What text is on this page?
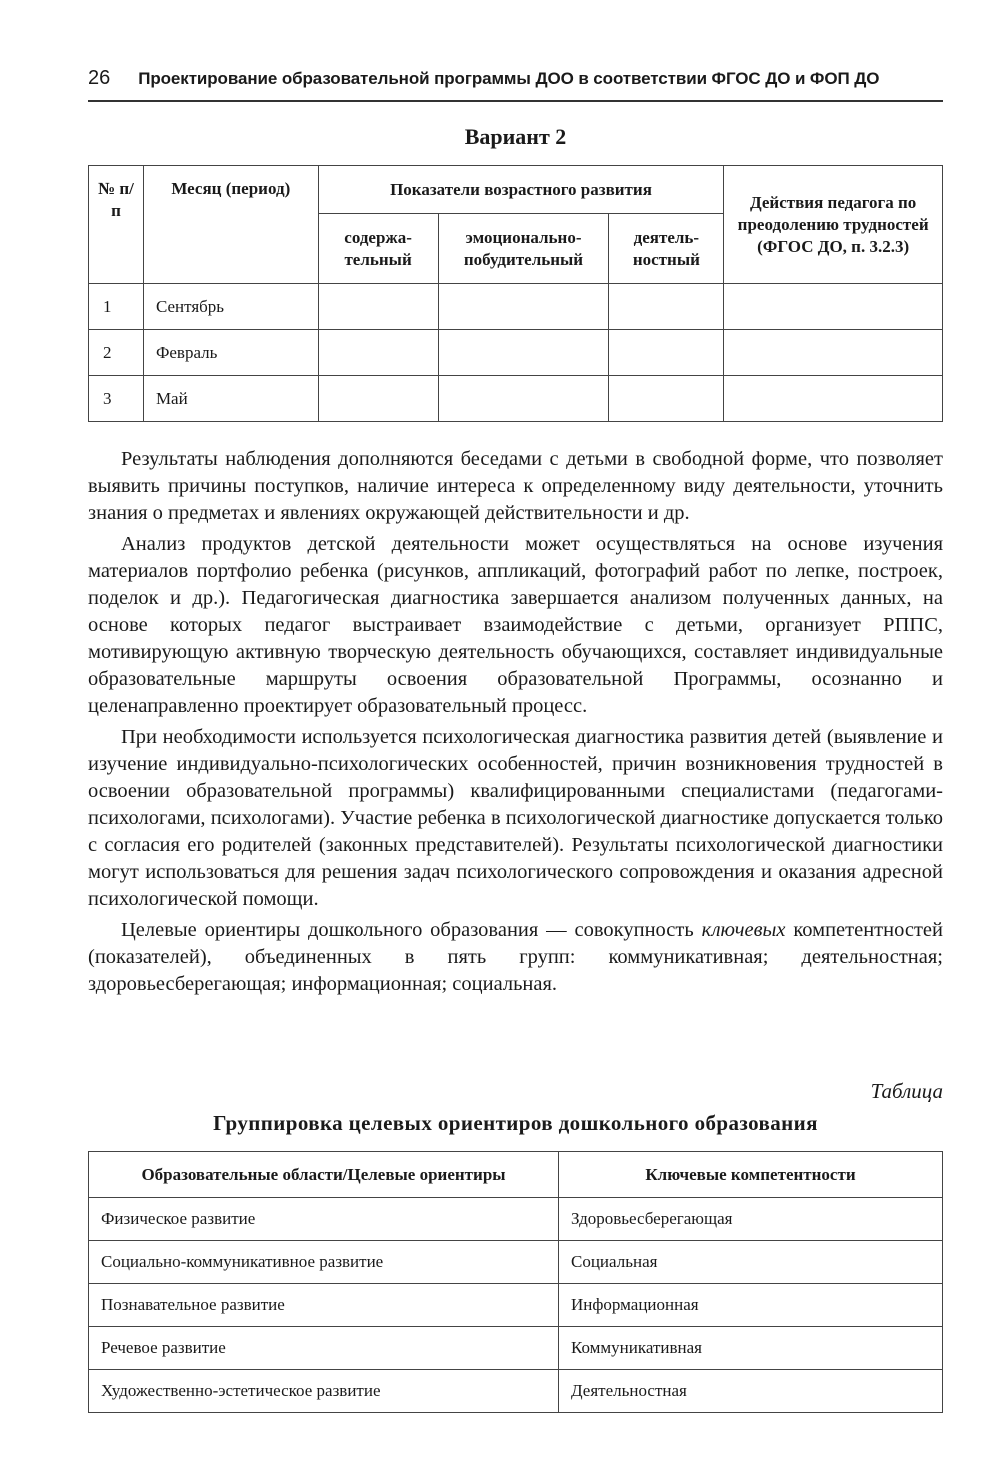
26 Проектирование образовательной программы ДОО в соответствии ФГОС ДО и ФОП ДО
Вариант 2
№ п/п	Месяц (период)	Показатели возрастного развития			Действия педагога по преодолению трудностей (ФГОС ДО, п. 3.2.3)
		содержа-тельный	эмоционально-побудительный	деятель-ностный	
1	Сентябрь				
2	Февраль				
3	Май				

Результаты наблюдения дополняются беседами с детьми в свободной форме, что позволяет выявить причины поступков, наличие интереса к определенному виду деятельности, уточнить знания о предметах и явлениях окружающей действительности и др.

Анализ продуктов детской деятельности может осуществляться на основе изучения материалов портфолио ребенка (рисунков, аппликаций, фотографий работ по лепке, построек, поделок и др.). Педагогическая диагностика завершается анализом полученных данных, на основе которых педагог выстраивает взаимодействие с детьми, организует РППС, мотивирующую активную творческую деятельность обучающихся, составляет индивидуальные образовательные маршруты освоения образовательной Программы, осознанно и целенаправленно проектирует образовательный процесс.

При необходимости используется психологическая диагностика развития детей (выявление и изучение индивидуально-психологических особенностей, причин возникновения трудностей в освоении образовательной программы) квалифицированными специалистами (педагогами-психологами, психологами). Участие ребенка в психологической диагностике допускается только с согласия его родителей (законных представителей). Результаты психологической диагностики могут использоваться для решения задач психологического сопровождения и оказания адресной психологической помощи.

Целевые ориентиры дошкольного образования — совокупность ключевых компетентностей (показателей), объединенных в пять групп: коммуникативная; деятельностная; здоровьесберегающая; информационная; социальная.

Таблица
Группировка целевых ориентиров дошкольного образования
Образовательные области/Целевые ориентиры	Ключевые компетентности
Физическое развитие	Здоровьесберегающая
Социально-коммуникативное развитие	Социальная
Познавательное развитие	Информационная
Речевое развитие	Коммуникативная
Художественно-эстетическое развитие	Деятельностная
